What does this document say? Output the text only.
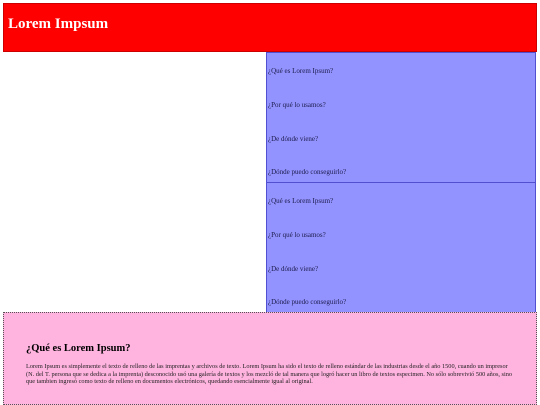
Lorem Impsum
¿Qué es Lorem Ipsum?
¿Por qué lo usamos?
¿De dónde viene?
¿Dónde puedo conseguirlo?
¿Qué es Lorem Ipsum?
¿Por qué lo usamos?
¿De dónde viene?
¿Dónde puedo conseguirlo?
¿Qué es Lorem Ipsum?

Lorem Ipsum es simplemente el texto de relleno de las imprentas y archivos de texto. Lorem Ipsum ha sido el texto de relleno estándar de las industrias desde el año 1500, cuando un impresor (N. del T. persona que se dedica a la imprenta) desconocido usó una galería de textos y los mezcló de tal manera que logró hacer un libro de textos especimen. No sólo sobrevivió 500 años, sino que tambien ingresó como texto de relleno en documentos electrónicos, quedando esencialmente igual al original.
